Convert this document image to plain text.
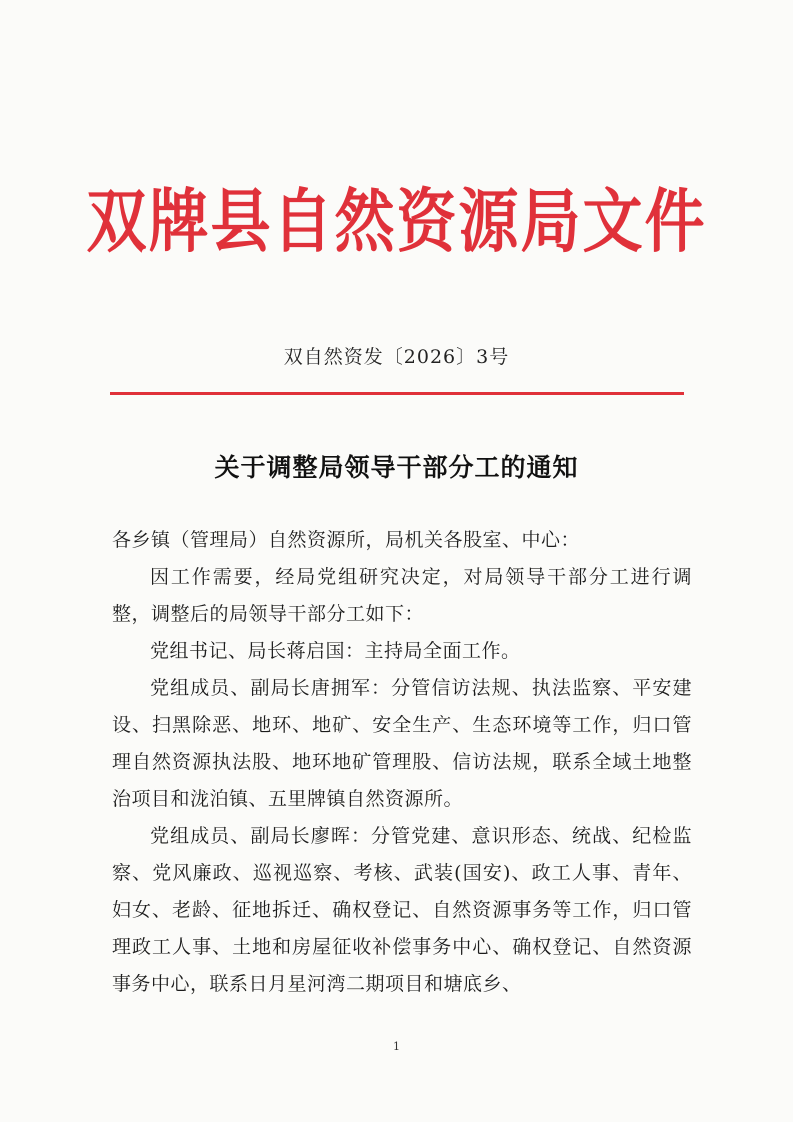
双牌县自然资源局文件
双自然资发〔2026〕3号
关于调整局领导干部分工的通知

各乡镇（管理局）自然资源所，局机关各股室、中心：

因工作需要，经局党组研究决定，对局领导干部分工进行调整，调整后的局领导干部分工如下：

党组书记、局长蒋启国：主持局全面工作。

党组成员、副局长唐拥军：分管信访法规、执法监察、平安建设、扫黑除恶、地环、地矿、安全生产、生态环境等工作，归口管理自然资源执法股、地环地矿管理股、信访法规，联系全域土地整治项目和泷泊镇、五里牌镇自然资源所。

党组成员、副局长廖晖：分管党建、意识形态、统战、纪检监察、党风廉政、巡视巡察、考核、武装(国安)、政工人事、青年、妇女、老龄、征地拆迁、确权登记、自然资源事务等工作，归口管理政工人事、土地和房屋征收补偿事务中心、确权登记、自然资源事务中心，联系日月星河湾二期项目和塘底乡、

1
